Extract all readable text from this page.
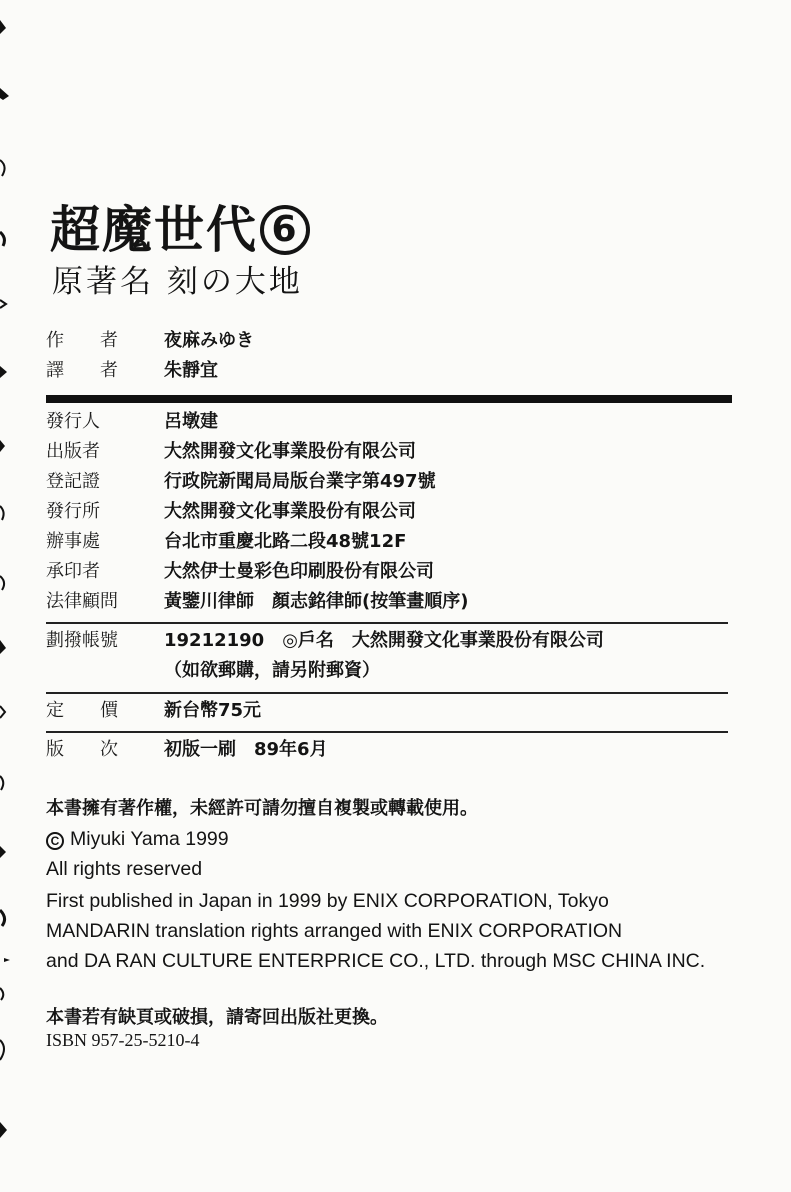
超魔世代 6
原著名 刻の大地
作　　者	夜麻みゆき
譯　　者	朱靜宜
發行人	呂墩建
出版者	大然開發文化事業股份有限公司
登記證	行政院新聞局局版台業字第497號
發行所	大然開發文化事業股份有限公司
辦事處	台北市重慶北路二段48號12F
承印者	大然伊士曼彩色印刷股份有限公司
法律顧問	黃鑒川律師　顏志銘律師(按筆畫順序)
劃撥帳號	19212190　◎戶名　大然開發文化事業股份有限公司
（如欲郵購，請另附郵資）
定　　價	新台幣75元
版　　次	初版一刷　89年6月
本書擁有著作權，未經許可請勿擅自複製或轉載使用。
C Miyuki Yama 1999
All rights reserved
First published in Japan in 1999 by ENIX CORPORATION, Tokyo
MANDARIN translation rights arranged with ENIX CORPORATION
and DA RAN CULTURE ENTERPRICE CO., LTD. through MSC CHINA INC.
本書若有缺頁或破損，請寄回出版社更換。
ISBN 957-25-5210-4
